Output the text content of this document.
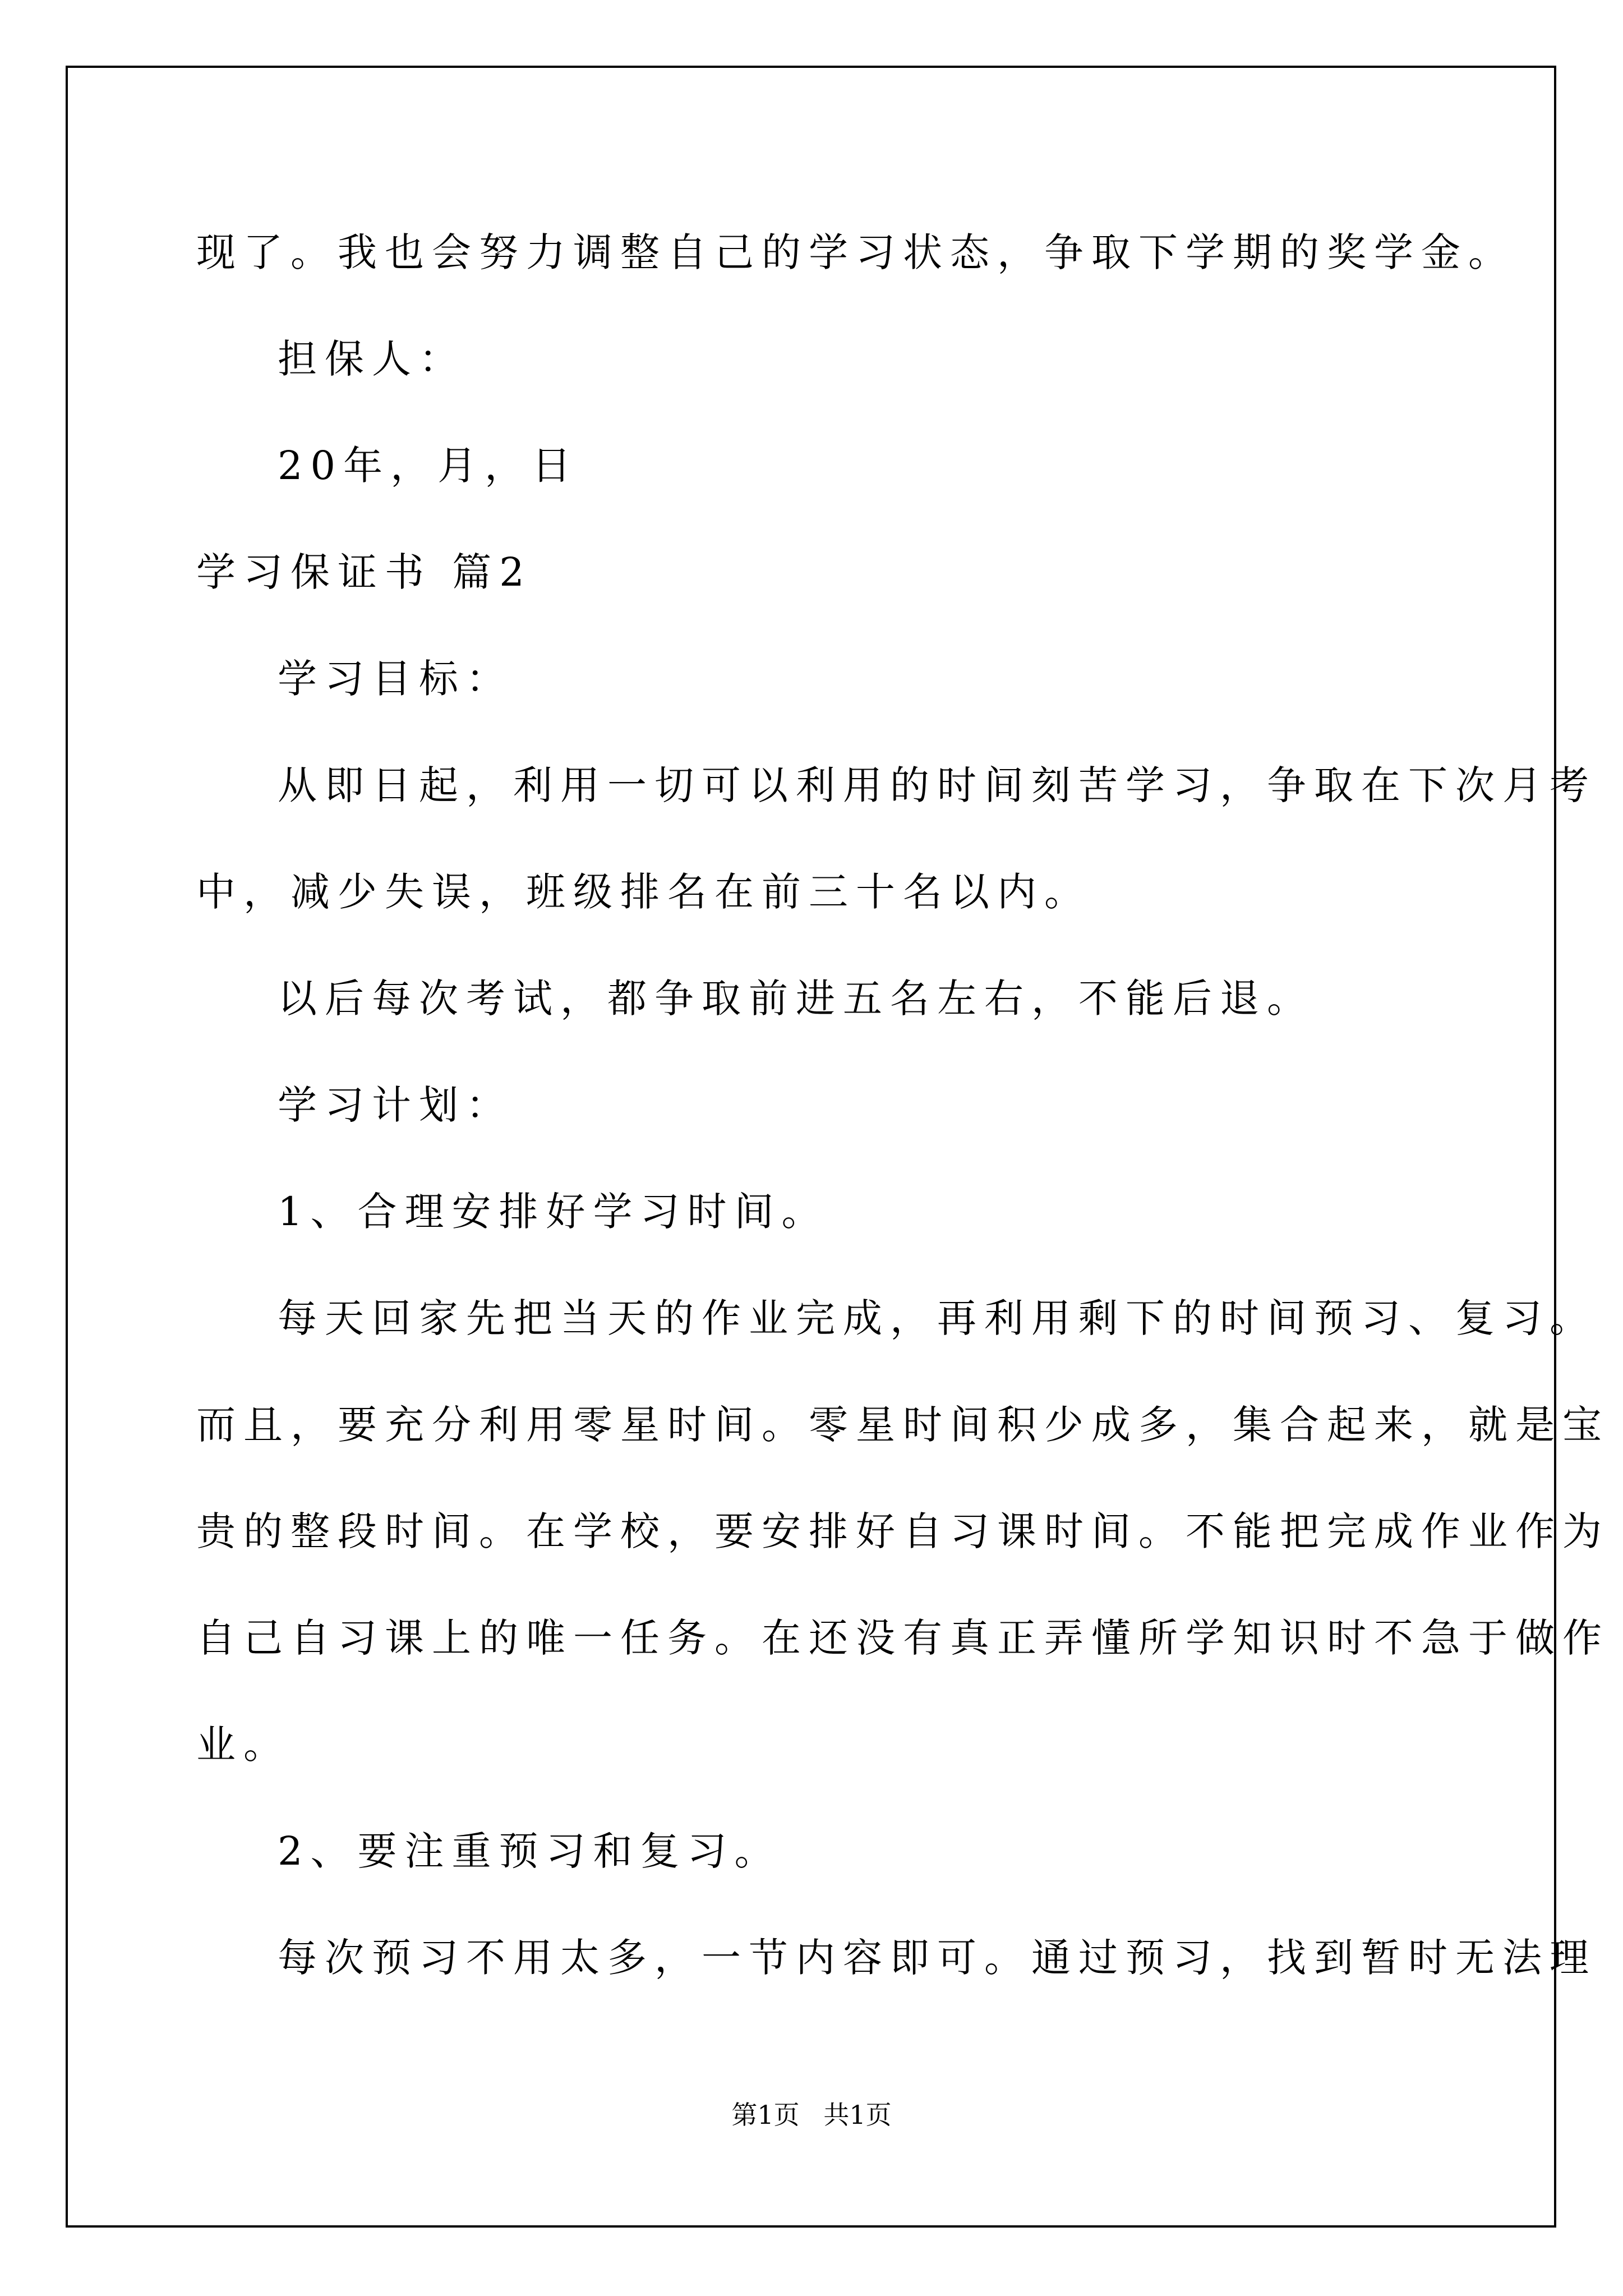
现了。我也会努力调整自己的学习状态，争取下学期的奖学金。

担保人：

20年，月，日

学习保证书 篇2

学习目标：

从即日起，利用一切可以利用的时间刻苦学习，争取在下次月考

中，减少失误，班级排名在前三十名以内。

以后每次考试，都争取前进五名左右，不能后退。

学习计划：

1、合理安排好学习时间。

每天回家先把当天的作业完成，再利用剩下的时间预习、复习。

而且，要充分利用零星时间。零星时间积少成多，集合起来，就是宝

贵的整段时间。在学校，要安排好自习课时间。不能把完成作业作为

自己自习课上的唯一任务。在还没有真正弄懂所学知识时不急于做作

业。

2、要注重预习和复习。

每次预习不用太多，一节内容即可。通过预习，找到暂时无法理

第1页 共1页
